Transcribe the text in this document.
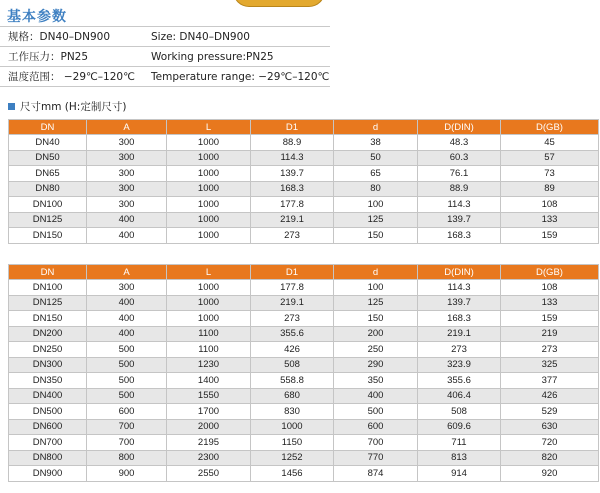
基本参数
规格：DN40–DN900	Size: DN40–DN900
工作压力：PN25	Working pressure:PN25
温度范围： −29℃–120℃ Temperature range: −29℃–120℃
尺寸mm (H:定制尺寸)
DN	A	L	D1	d	D(DIN)	D(GB)
DN40	300	1000	88.9	38	48.3	45
DN50	300	1000	114.3	50	60.3	57
DN65	300	1000	139.7	65	76.1	73
DN80	300	1000	168.3	80	88.9	89
DN100	300	1000	177.8	100	114.3	108
DN125	400	1000	219.1	125	139.7	133
DN150	400	1000	273	150	168.3	159
DN	A	L	D1	d	D(DIN)	D(GB)
DN100	300	1000	177.8	100	114.3	108
DN125	400	1000	219.1	125	139.7	133
DN150	400	1000	273	150	168.3	159
DN200	400	1100	355.6	200	219.1	219
DN250	500	1100	426	250	273	273
DN300	500	1230	508	290	323.9	325
DN350	500	1400	558.8	350	355.6	377
DN400	500	1550	680	400	406.4	426
DN500	600	1700	830	500	508	529
DN600	700	2000	1000	600	609.6	630
DN700	700	2195	1150	700	711	720
DN800	800	2300	1252	770	813	820
DN900	900	2550	1456	874	914	920
